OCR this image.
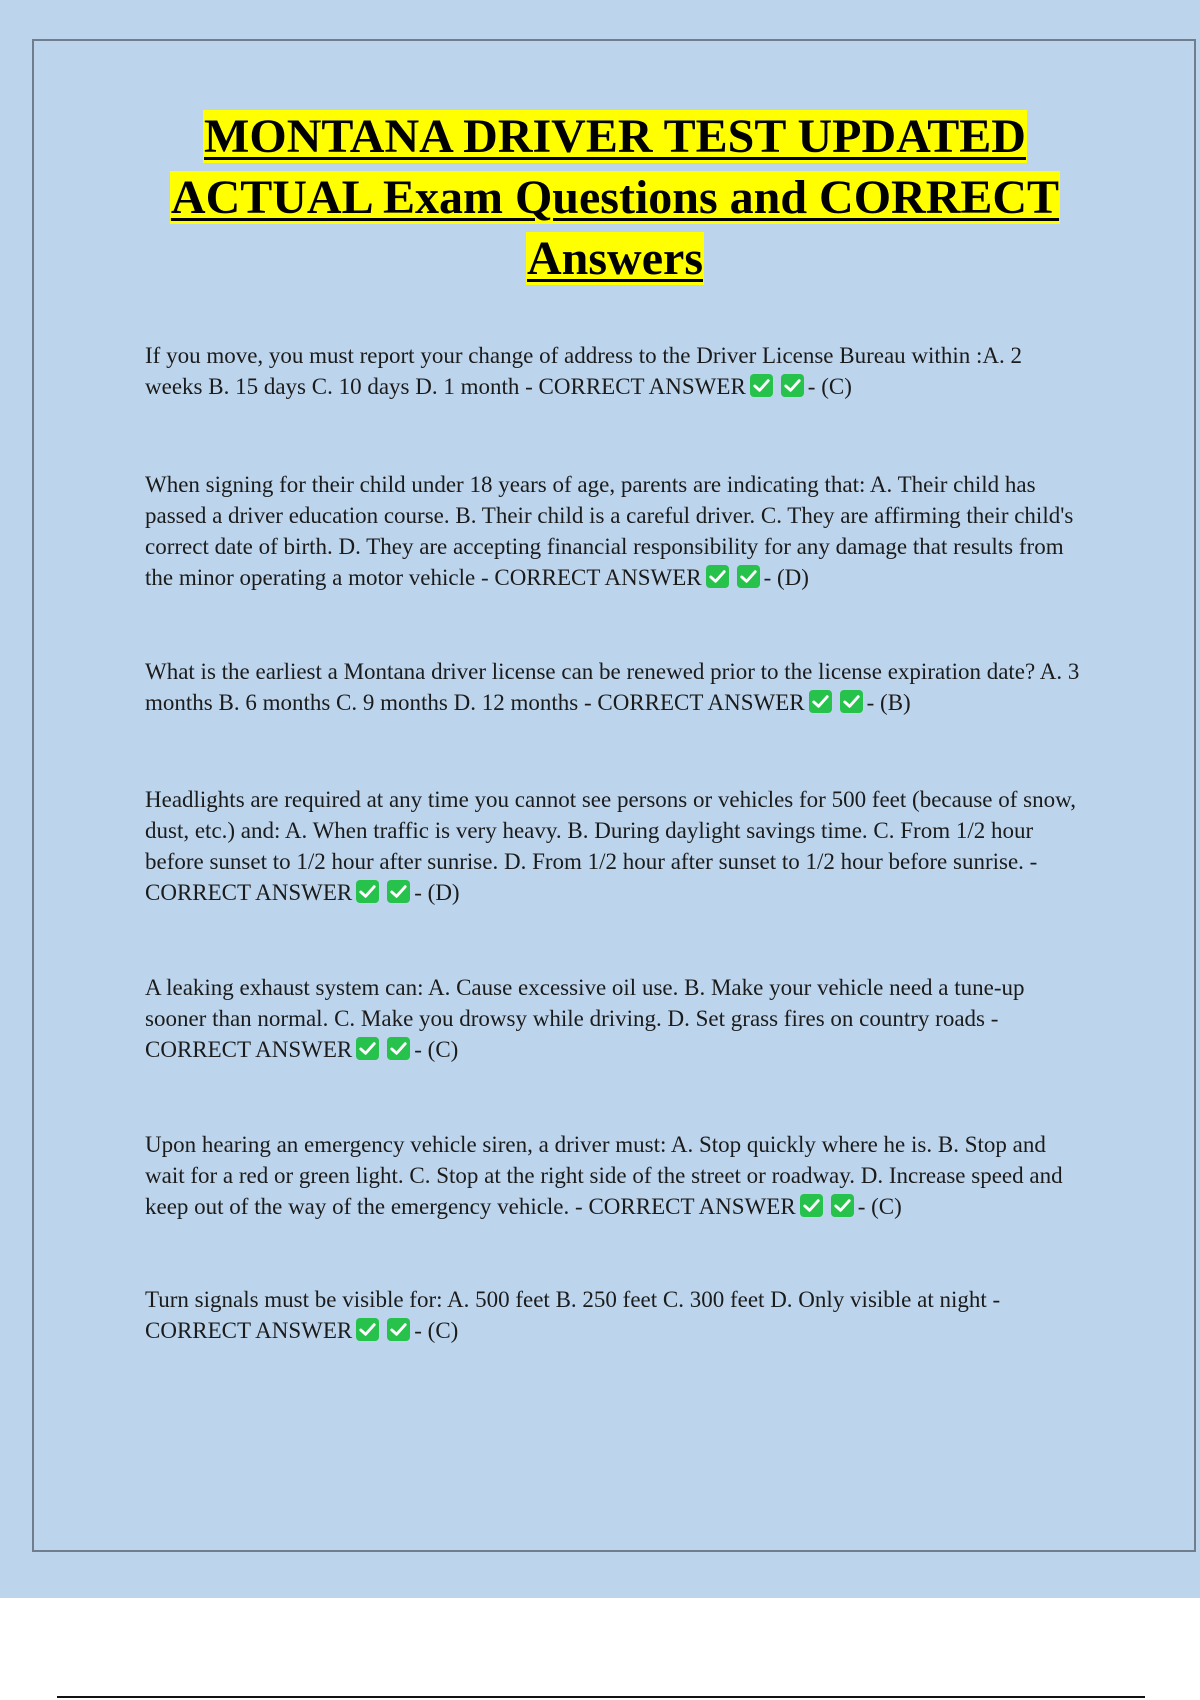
MONTANA DRIVER TEST UPDATED
ACTUAL Exam Questions and CORRECT
Answers
If you move, you must report your change of address to the Driver License Bureau within :A. 2 weeks B. 15 days C. 10 days D. 1 month - CORRECT ANSWER	- (C)
When signing for their child under 18 years of age, parents are indicating that: A. Their child has passed a driver education course. B. Their child is a careful driver. C. They are affirming their child's correct date of birth. D. They are accepting financial responsibility for any damage that results from the minor operating a motor vehicle - CORRECT ANSWER	- (D)
What is the earliest a Montana driver license can be renewed prior to the license expiration date? A. 3 months B. 6 months C. 9 months D. 12 months - CORRECT ANSWER	- (B)
Headlights are required at any time you cannot see persons or vehicles for 500 feet (because of snow, dust, etc.) and: A. When traffic is very heavy. B. During daylight savings time. C. From 1/2 hour before sunset to 1/2 hour after sunrise. D. From 1/2 hour after sunset to 1/2 hour before sunrise. - CORRECT ANSWER	- (D)
A leaking exhaust system can: A. Cause excessive oil use. B. Make your vehicle need a tune-up sooner than normal. C. Make you drowsy while driving. D. Set grass fires on country roads - CORRECT ANSWER	- (C)
Upon hearing an emergency vehicle siren, a driver must: A. Stop quickly where he is. B. Stop and wait for a red or green light. C. Stop at the right side of the street or roadway. D. Increase speed and keep out of the way of the emergency vehicle. - CORRECT ANSWER	- (C)
Turn signals must be visible for: A. 500 feet B. 250 feet C. 300 feet D. Only visible at night - CORRECT ANSWER	- (C)
